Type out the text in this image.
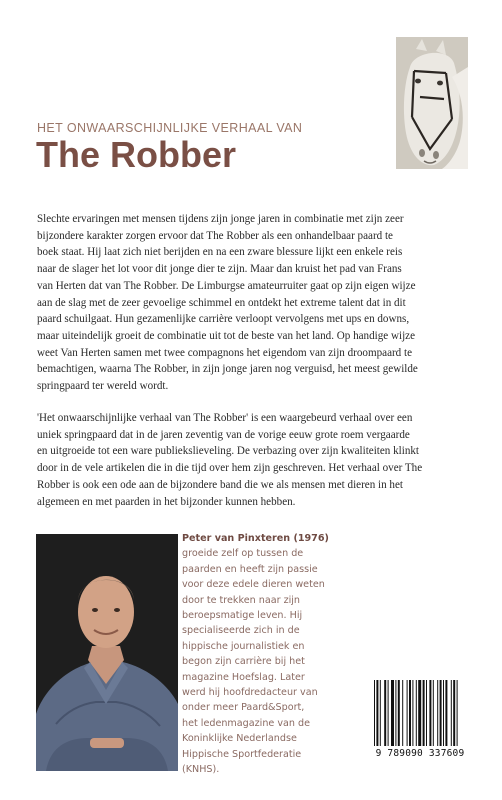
HET ONWAARSCHIJNLIJKE VERHAAL VAN
The Robber
Slechte ervaringen met mensen tijdens zijn jonge jaren in combinatie met zijn zeer
bijzondere karakter zorgen ervoor dat The Robber als een onhandelbaar paard te
boek staat. Hij laat zich niet berijden en na een zware blessure lijkt een enkele reis
naar de slager het lot voor dit jonge dier te zijn. Maar dan kruist het pad van Frans
van Herten dat van The Robber. De Limburgse amateurruiter gaat op zijn eigen wijze
aan de slag met de zeer gevoelige schimmel en ontdekt het extreme talent dat in dit
paard schuilgaat. Hun gezamenlijke carrière verloopt vervolgens met ups en downs,
maar uiteindelijk groeit de combinatie uit tot de beste van het land. Op handige wijze
weet Van Herten samen met twee compagnons het eigendom van zijn droompaard te
bemachtigen, waarna The Robber, in zijn jonge jaren nog verguisd, het meest gewilde
springpaard ter wereld wordt.
'Het onwaarschijnlijke verhaal van The Robber' is een waargebeurd verhaal over een
uniek springpaard dat in de jaren zeventig van de vorige eeuw grote roem vergaarde
en uitgroeide tot een ware publiekslieveling. De verbazing over zijn kwaliteiten klinkt
door in de vele artikelen die in die tijd over hem zijn geschreven. Het verhaal over The
Robber is ook een ode aan de bijzondere band die we als mensen met dieren in het
algemeen en met paarden in het bijzonder kunnen hebben.
Peter van Pinxteren (1976)
groeide zelf op tussen de
paarden en heeft zijn passie
voor deze edele dieren weten
door te trekken naar zijn
beroepsmatige leven. Hij
specialiseerde zich in de
hippische journalistiek en
begon zijn carrière bij het
magazine Hoefslag. Later
werd hij hoofdredacteur van
onder meer Paard&Sport,
het ledenmagazine van de
Koninklijke Nederlandse
Hippische Sportfederatie
(KNHS).
9 789090 337609
